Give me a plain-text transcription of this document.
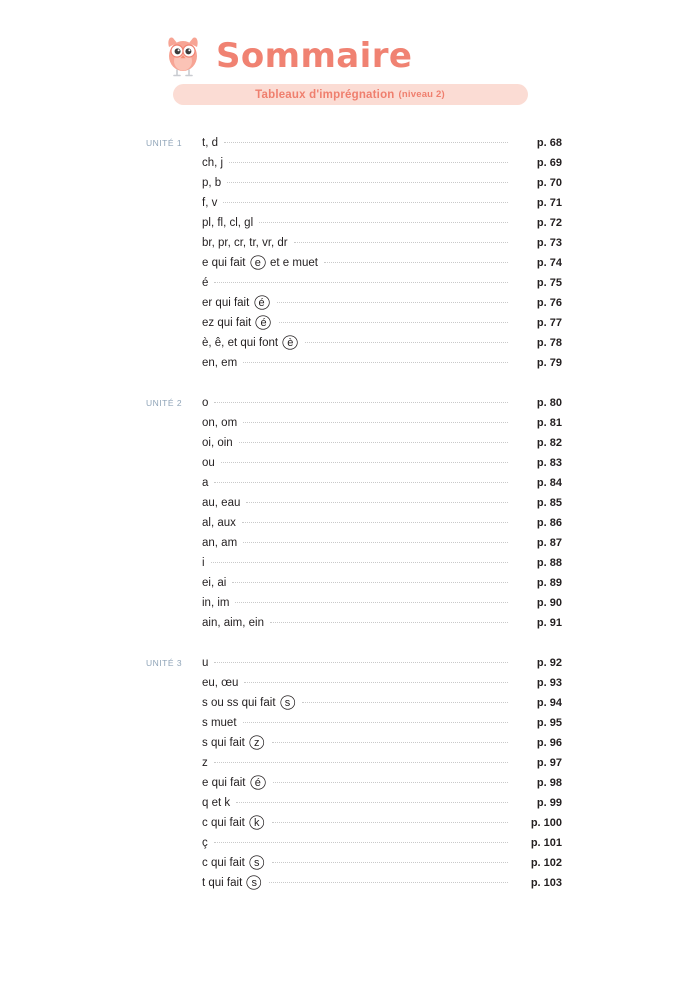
Sommaire
Tableaux d'imprégnation (niveau 2)
UNITÉ 1	t, d	p. 68
ch, j	p. 69
p, b	p. 70
f, v	p. 71
pl, fl, cl, gl	p. 72
br, pr, cr, tr, vr, dr	p. 73
e qui fait e et e muet	p. 74
é	p. 75
er qui fait é	p. 76
ez qui fait é	p. 77
è, ê, et qui font è	p. 78
en, em	p. 79
UNITÉ 2	o	p. 80
on, om	p. 81
oi, oin	p. 82
ou	p. 83
a	p. 84
au, eau	p. 85
al, aux	p. 86
an, am	p. 87
i	p. 88
ei, ai	p. 89
in, im	p. 90
ain, aim, ein	p. 91
UNITÉ 3	u	p. 92
eu, œu	p. 93
s ou ss qui fait s	p. 94
s muet	p. 95
s qui fait z	p. 96
z	p. 97
e qui fait é	p. 98
q et k	p. 99
c qui fait k	p. 100
ç	p. 101
c qui fait s	p. 102
t qui fait s	p. 103
